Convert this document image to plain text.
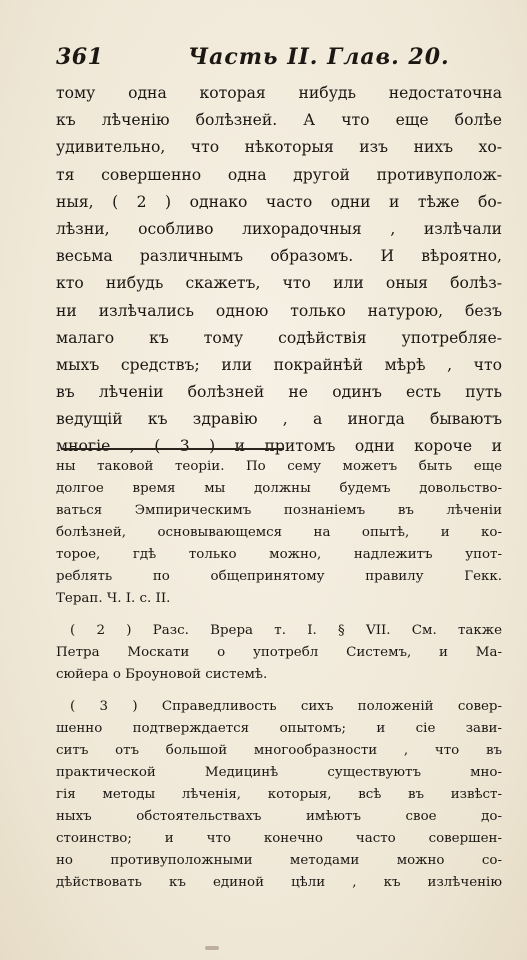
361	Часть II. Глав. 20.
тому одна которая нибудь недостаточна
къ лѣченію болѣзней. А что еще болѣе
удивительно, что нѣкоторыя изъ нихъ хо-
тя совершенно одна другой противуполож-
ныя, ( 2 ) однако часто одни и тѣже бо-
лѣзни, особливо лихорадочныя , излѣчали
весьма различнымъ образомъ. И вѣроятно,
кто нибудь скажетъ, что или оныя болѣз-
ни излѣчались одною только натурою, безъ
малаго къ тому содѣйствія употребляе-
мыхъ средствъ; или покрайнѣй мѣрѣ , что
въ лѣченіи болѣзней не одинъ есть путь
ведущій къ здравію , а иногда бываютъ
многіе , ( 3 ) и притомъ одни короче и
ны таковой теоріи. По сему можетъ быть еще
долгое время мы должны будемъ довольство-
ваться Эмпирическимъ познаніемъ въ лѣченіи
болѣзней, основывающемся на опытѣ, и ко-
торое, гдѣ только можно, надлежитъ упот-
реблять по общепринятому правилу Гекк.
Терап. Ч. I. с. II.
( 2 ) Разс. Врера т. I. § VII. См. также
Петра Москати о употребл Системъ, и Ма-
сюйера о Броуновой системѣ.
( 3 ) Справедливость сихъ положеній совер-
шенно подтверждается опытомъ; и сіе зави-
ситъ отъ большой многообразности , что въ
практической Медицинѣ существуютъ мно-
гія методы лѣченія, которыя, всѣ въ извѣст-
ныхъ обстоятельствахъ имѣютъ свое до-
стоинство; и что конечно часто совершен-
но противуположными методами можно со-
дѣйствовать къ единой цѣли , къ излѣченію
